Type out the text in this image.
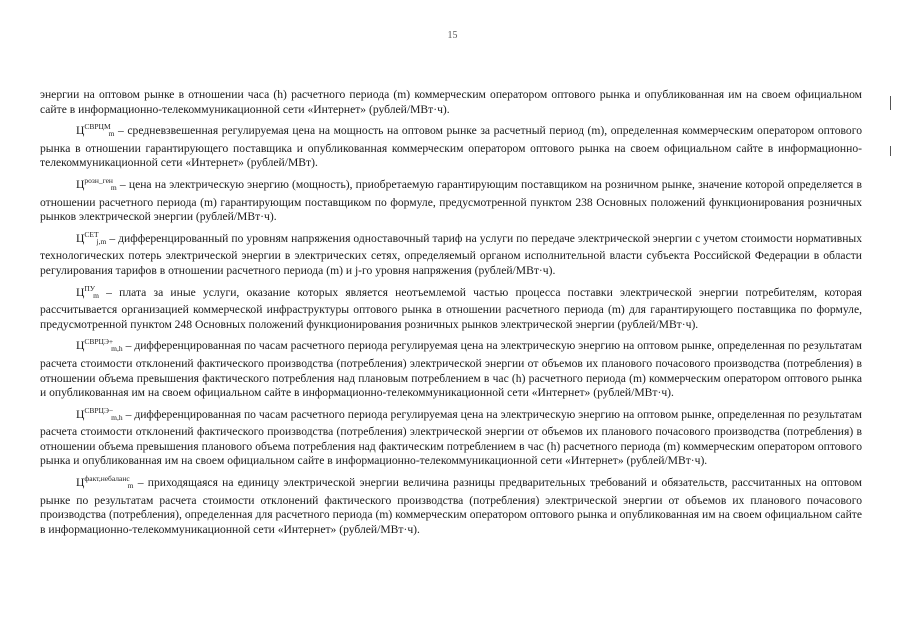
15

энергии на оптовом рынке в отношении часа (h) расчетного периода (m) коммерческим оператором оптового рынка и опубликованная им на своем официальном сайте в информационно-телекоммуникационной сети «Интернет» (рублей/МВт·ч).

$Ц^{СВРЦМ}_m$ – средневзвешенная регулируемая цена на мощность на оптовом рынке за расчетный период (m), определенная коммерческим оператором оптового рынка в отношении гарантирующего поставщика и опубликованная коммерческим оператором оптового рынка на своем официальном сайте в информационно-телекоммуникационной сети «Интернет» (рублей/МВт).

$Ц^{розн\_ген}_m$ – цена на электрическую энергию (мощность), приобретаемую гарантирующим поставщиком на розничном рынке, значение которой определяется в отношении расчетного периода (m) гарантирующим поставщиком по формуле, предусмотренной пунктом 238 Основных положений функционирования розничных рынков электрической энергии (рублей/МВт·ч).

$Ц^{СЕТ}_{j,m}$ – дифференцированный по уровням напряжения одноставочный тариф на услуги по передаче электрической энергии с учетом стоимости нормативных технологических потерь электрической энергии в электрических сетях, определяемый органом исполнительной власти субъекта Российской Федерации в области регулирования тарифов в отношении расчетного периода (m) и j-го уровня напряжения (рублей/МВт·ч).

$Ц^{ПУ}_m$ – плата за иные услуги, оказание которых является неотъемлемой частью процесса поставки электрической энергии потребителям, которая рассчитывается организацией коммерческой инфраструктуры оптового рынка в отношении расчетного периода (m) для гарантирующего поставщика по формуле, предусмотренной пунктом 248 Основных положений функционирования розничных рынков электрической энергии (рублей/МВт·ч).

$Ц^{СВРЦЭ+}_{m,h}$ – дифференцированная по часам расчетного периода регулируемая цена на электрическую энергию на оптовом рынке, определенная по результатам расчета стоимости отклонений фактического производства (потребления) электрической энергии от объемов их планового почасового производства (потребления) в отношении объема превышения фактического потребления над плановым потреблением в час (h) расчетного периода (m) коммерческим оператором оптового рынка и опубликованная им на своем официальном сайте в информационно-телекоммуникационной сети «Интернет» (рублей/МВт·ч).

$Ц^{СВРЦЭ-}_{m,h}$ – дифференцированная по часам расчетного периода регулируемая цена на электрическую энергию на оптовом рынке, определенная по результатам расчета стоимости отклонений фактического производства (потребления) электрической энергии от объемов их планового почасового производства (потребления) в отношении объема превышения планового объема потребления над фактическим потреблением в час (h) расчетного периода (m) коммерческим оператором оптового рынка и опубликованная им на своем официальном сайте в информационно-телекоммуникационной сети «Интернет» (рублей/МВт·ч).

$Ц^{факт,небаланс}_m$ – приходящаяся на единицу электрической энергии величина разницы предварительных требований и обязательств, рассчитанных на оптовом рынке по результатам расчета стоимости отклонений фактического производства (потребления) электрической энергии от объемов их планового почасового производства (потребления), определенная для расчетного периода (m) коммерческим оператором оптового рынка и опубликованная им на своем официальном сайте в информационно-телекоммуникационной сети «Интернет» (рублей/МВт·ч).
